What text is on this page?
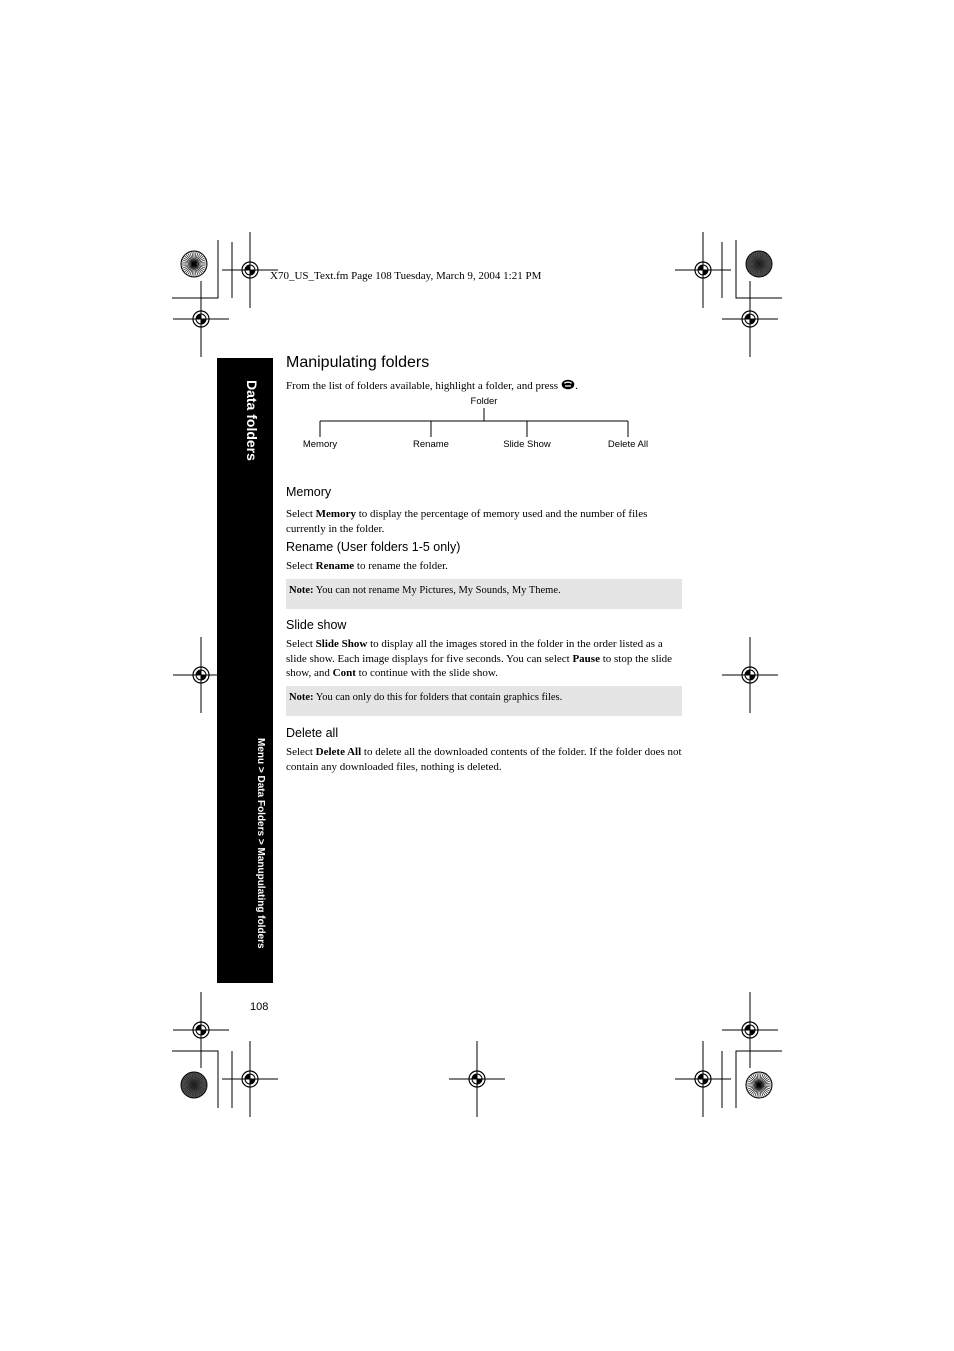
X70_US_Text.fm Page 108 Tuesday, March 9, 2004 1:21 PM
Data folders
Menu > Data Folders > Manupulating folders
108
Manipulating folders
From the list of folders available, highlight a folder, and press .
Folder
Memory	Rename	Slide Show	Delete All
Memory

Select Memory to display the percentage of memory used and the number of files currently in the folder.

Rename (User folders 1-5 only)

Select Rename to rename the folder.

Note: You can not rename My Pictures, My Sounds, My Theme.
Slide show

Select Slide Show to display all the images stored in the folder in the order listed as a slide show. Each image displays for five seconds. You can select Pause to stop the slide show, and Cont to continue with the slide show.

Note: You can only do this for folders that contain graphics files.
Delete all

Select Delete All to delete all the downloaded contents of the folder. If the folder does not contain any downloaded files, nothing is deleted.
